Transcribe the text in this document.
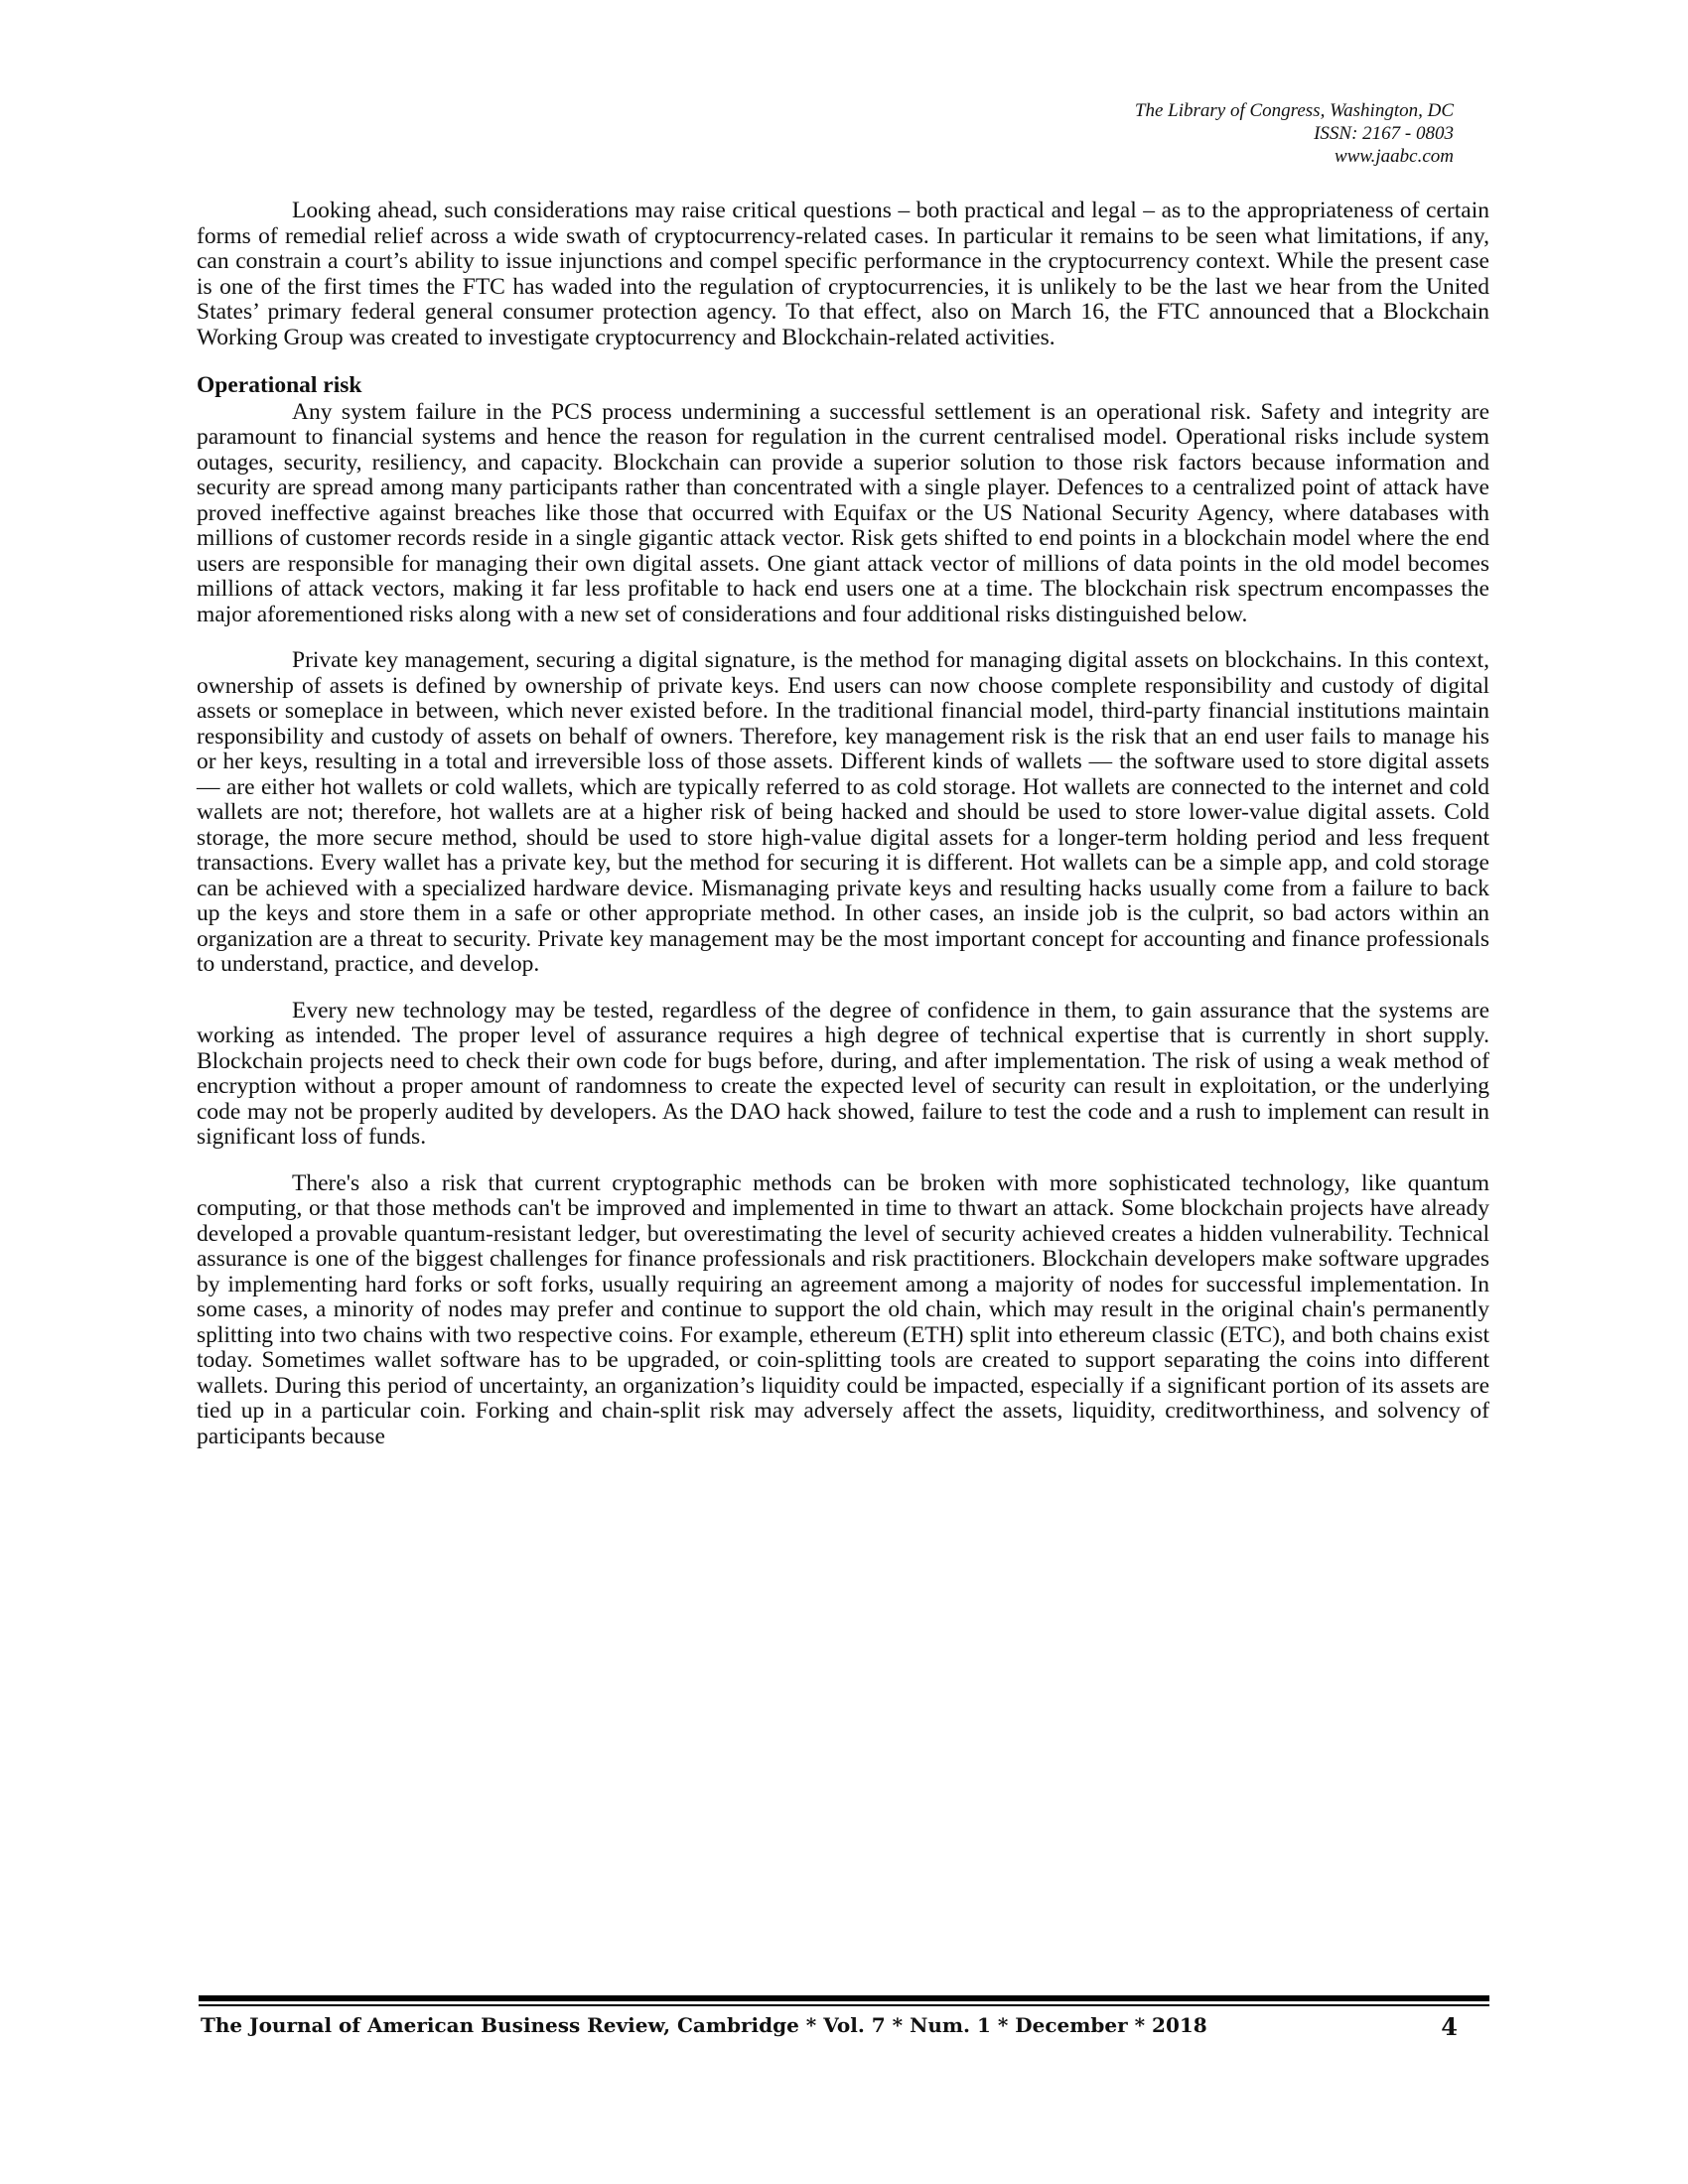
The Library of Congress, Washington, DC
ISSN: 2167 - 0803
www.jaabc.com

Looking ahead, such considerations may raise critical questions – both practical and legal – as to the appropriateness of certain forms of remedial relief across a wide swath of cryptocurrency-related cases. In particular it remains to be seen what limitations, if any, can constrain a court’s ability to issue injunctions and compel specific performance in the cryptocurrency context. While the present case is one of the first times the FTC has waded into the regulation of cryptocurrencies, it is unlikely to be the last we hear from the United States’ primary federal general consumer protection agency. To that effect, also on March 16, the FTC announced that a Blockchain Working Group was created to investigate cryptocurrency and Blockchain-related activities.

Operational risk

Any system failure in the PCS process undermining a successful settlement is an operational risk. Safety and integrity are paramount to financial systems and hence the reason for regulation in the current centralised model. Operational risks include system outages, security, resiliency, and capacity. Blockchain can provide a superior solution to those risk factors because information and security are spread among many participants rather than concentrated with a single player. Defences to a centralized point of attack have proved ineffective against breaches like those that occurred with Equifax or the US National Security Agency, where databases with millions of customer records reside in a single gigantic attack vector. Risk gets shifted to end points in a blockchain model where the end users are responsible for managing their own digital assets. One giant attack vector of millions of data points in the old model becomes millions of attack vectors, making it far less profitable to hack end users one at a time. The blockchain risk spectrum encompasses the major aforementioned risks along with a new set of considerations and four additional risks distinguished below.

Private key management, securing a digital signature, is the method for managing digital assets on blockchains. In this context, ownership of assets is defined by ownership of private keys. End users can now choose complete responsibility and custody of digital assets or someplace in between, which never existed before. In the traditional financial model, third-party financial institutions maintain responsibility and custody of assets on behalf of owners. Therefore, key management risk is the risk that an end user fails to manage his or her keys, resulting in a total and irreversible loss of those assets. Different kinds of wallets — the software used to store digital assets — are either hot wallets or cold wallets, which are typically referred to as cold storage. Hot wallets are connected to the internet and cold wallets are not; therefore, hot wallets are at a higher risk of being hacked and should be used to store lower-value digital assets. Cold storage, the more secure method, should be used to store high-value digital assets for a longer-term holding period and less frequent transactions. Every wallet has a private key, but the method for securing it is different. Hot wallets can be a simple app, and cold storage can be achieved with a specialized hardware device. Mismanaging private keys and resulting hacks usually come from a failure to back up the keys and store them in a safe or other appropriate method. In other cases, an inside job is the culprit, so bad actors within an organization are a threat to security. Private key management may be the most important concept for accounting and finance professionals to understand, practice, and develop.

Every new technology may be tested, regardless of the degree of confidence in them, to gain assurance that the systems are working as intended. The proper level of assurance requires a high degree of technical expertise that is currently in short supply. Blockchain projects need to check their own code for bugs before, during, and after implementation. The risk of using a weak method of encryption without a proper amount of randomness to create the expected level of security can result in exploitation, or the underlying code may not be properly audited by developers. As the DAO hack showed, failure to test the code and a rush to implement can result in significant loss of funds.

There's also a risk that current cryptographic methods can be broken with more sophisticated technology, like quantum computing, or that those methods can't be improved and implemented in time to thwart an attack. Some blockchain projects have already developed a provable quantum-resistant ledger, but overestimating the level of security achieved creates a hidden vulnerability. Technical assurance is one of the biggest challenges for finance professionals and risk practitioners. Blockchain developers make software upgrades by implementing hard forks or soft forks, usually requiring an agreement among a majority of nodes for successful implementation. In some cases, a minority of nodes may prefer and continue to support the old chain, which may result in the original chain's permanently splitting into two chains with two respective coins. For example, ethereum (ETH) split into ethereum classic (ETC), and both chains exist today. Sometimes wallet software has to be upgraded, or coin-splitting tools are created to support separating the coins into different wallets. During this period of uncertainty, an organization’s liquidity could be impacted, especially if a significant portion of its assets are tied up in a particular coin. Forking and chain-split risk may adversely affect the assets, liquidity, creditworthiness, and solvency of participants because

The Journal of American Business Review, Cambridge * Vol. 7 * Num. 1 * December * 2018	4
